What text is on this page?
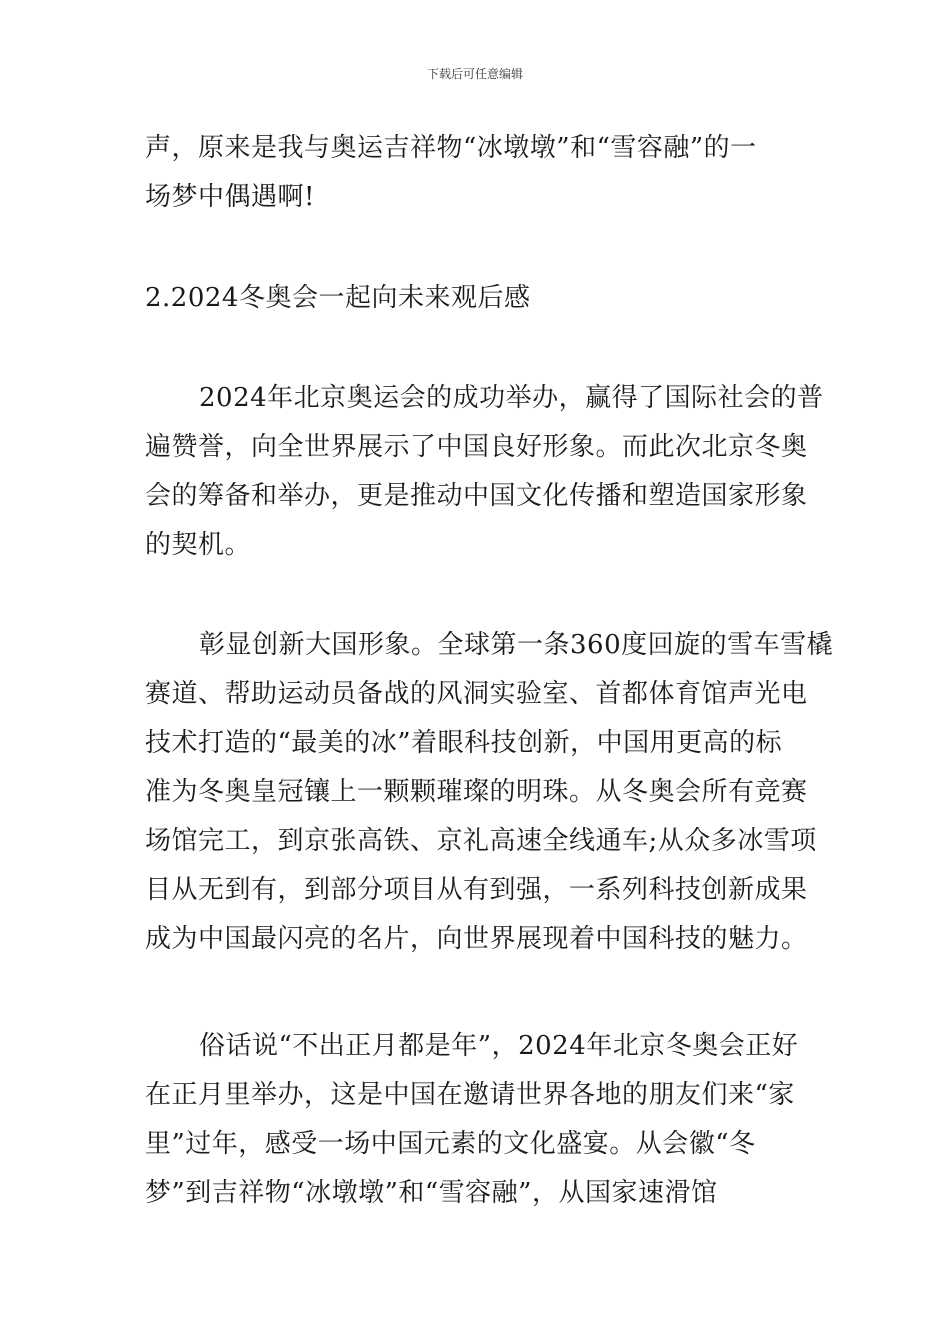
下载后可任意编辑
声，原来是我与奥运吉祥物“冰墩墩”和“雪容融”的一
场梦中偶遇啊!
2.2024冬奥会一起向未来观后感
2024年北京奥运会的成功举办，赢得了国际社会的普
遍赞誉，向全世界展示了中国良好形象。而此次北京冬奥
会的筹备和举办，更是推动中国文化传播和塑造国家形象
的契机。
彰显创新大国形象。全球第一条360度回旋的雪车雪橇
赛道、帮助运动员备战的风洞实验室、首都体育馆声光电
技术打造的“最美的冰”着眼科技创新，中国用更高的标
准为冬奥皇冠镶上一颗颗璀璨的明珠。从冬奥会所有竞赛
场馆完工，到京张高铁、京礼高速全线通车;从众多冰雪项
目从无到有，到部分项目从有到强，一系列科技创新成果
成为中国最闪亮的名片，向世界展现着中国科技的魅力。
俗话说“不出正月都是年”，2024年北京冬奥会正好
在正月里举办，这是中国在邀请世界各地的朋友们来“家
里”过年，感受一场中国元素的文化盛宴。从会徽“冬
梦”到吉祥物“冰墩墩”和“雪容融”，从国家速滑馆
